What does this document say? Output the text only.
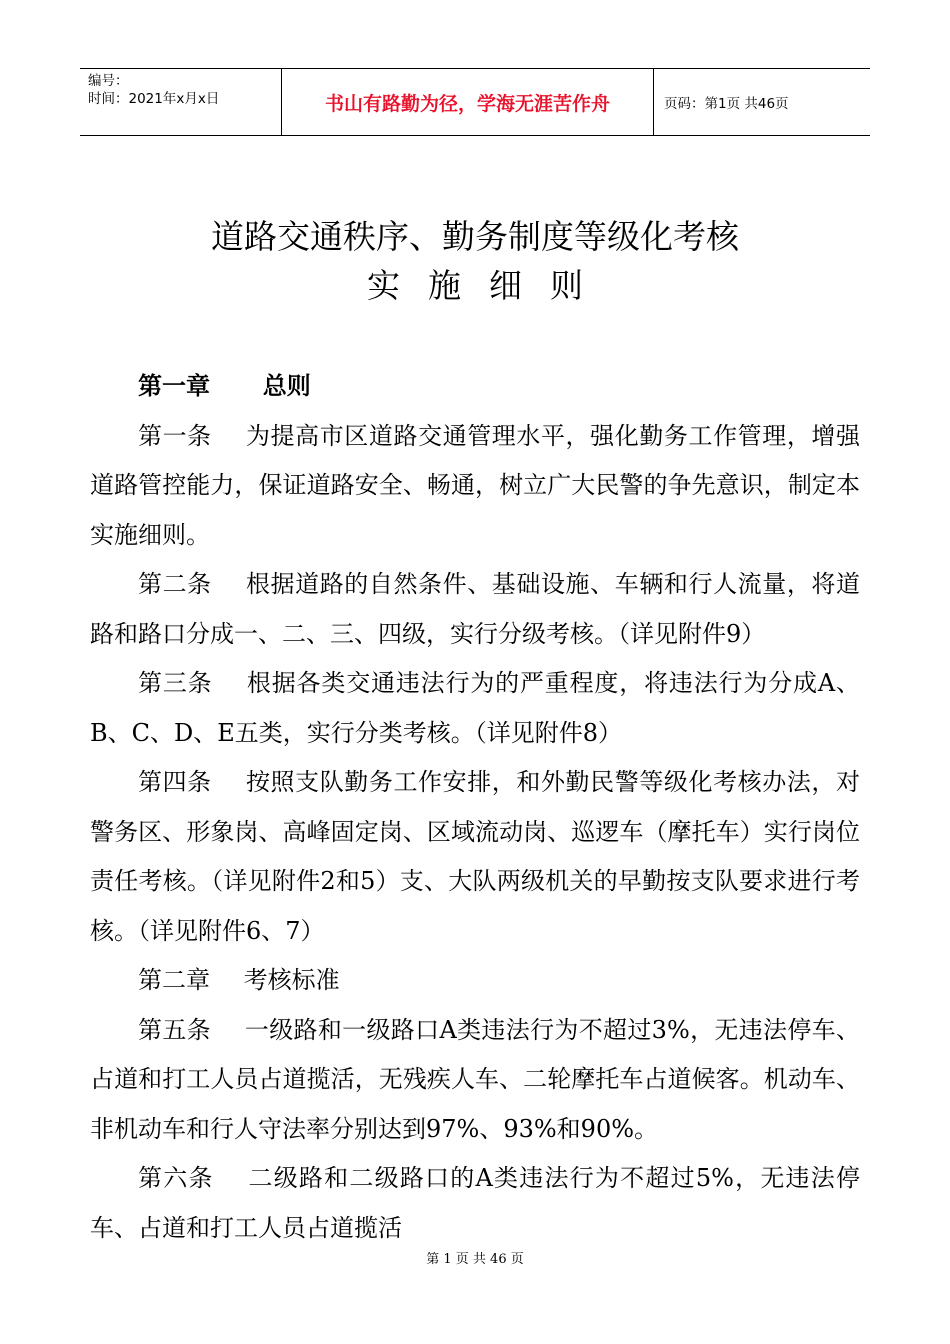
编号：
时间：2021年x月x日	书山有路勤为径，学海无涯苦作舟	页码：第1页 共46页
道路交通秩序、勤务制度等级化考核
实施细则

第一章 总则

第一条 为提高市区道路交通管理水平，强化勤务工作管理，增强道路管控能力，保证道路安全、畅通，树立广大民警的争先意识，制定本实施细则。

第二条 根据道路的自然条件、基础设施、车辆和行人流量，将道路和路口分成一、二、三、四级，实行分级考核。（详见附件9）

第三条 根据各类交通违法行为的严重程度，将违法行为分成A、B、C、D、E五类，实行分类考核。（详见附件8）

第四条 按照支队勤务工作安排，和外勤民警等级化考核办法，对警务区、形象岗、高峰固定岗、区域流动岗、巡逻车（摩托车）实行岗位责任考核。（详见附件2和5）支、大队两级机关的早勤按支队要求进行考核。（详见附件6、7）

第二章 考核标准

第五条 一级路和一级路口A类违法行为不超过3%，无违法停车、占道和打工人员占道揽活，无残疾人车、二轮摩托车占道候客。机动车、非机动车和行人守法率分别达到97%、93%和90%。

第六条 二级路和二级路口的A类违法行为不超过5%，无违法停车、占道和打工人员占道揽活

第 1 页 共 46 页
